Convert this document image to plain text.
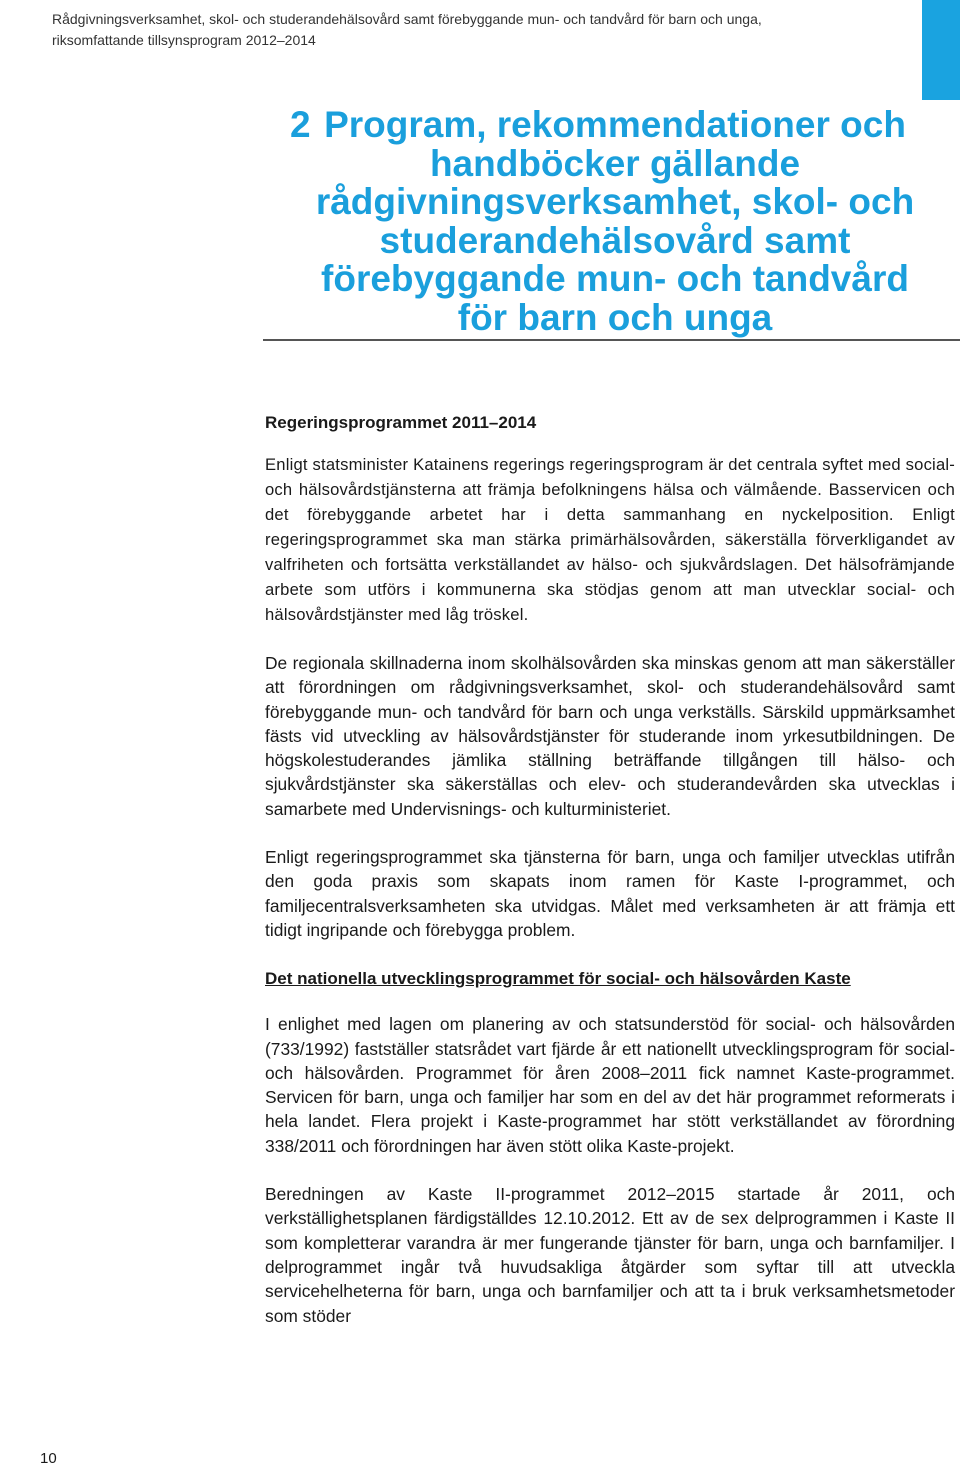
Rådgivningsverksamhet, skol- och studerandehälsovård samt förebyggande mun- och tandvård för barn och unga,
riksomfattande tillsynsprogram 2012–2014
2 Program, rekommendationer och
handböcker gällande
rådgivningsverksamhet, skol- och
studerandehälsovård samt
förebyggande mun- och tandvård
för barn och unga
Regeringsprogrammet 2011–2014

Enligt statsminister Katainens regerings regeringsprogram är det centrala syftet med social- och hälsovårdstjänsterna att främja befolkningens hälsa och välmående. Basservicen och det förebyggande arbetet har i detta sammanhang en nyckelposition. Enligt regeringsprogrammet ska man stärka primärhälsovården, säkerställa förverkligandet av valfriheten och fortsätta verkställandet av hälso- och sjukvårdslagen. Det hälsofrämjande arbete som utförs i kommunerna ska stödjas genom att man utvecklar social- och hälsovårdstjänster med låg tröskel.

De regionala skillnaderna inom skolhälsovården ska minskas genom att man säkerställer att förordningen om rådgivningsverksamhet, skol- och studerandehälsovård samt förebyggande mun- och tandvård för barn och unga verkställs. Särskild uppmärksamhet fästs vid utveckling av hälsovårdstjänster för studerande inom yrkesutbildningen. De högskolestuderandes jämlika ställning beträffande tillgången till hälso- och sjukvårdstjänster ska säkerställas och elev- och studerandevården ska utvecklas i samarbete med Undervisnings- och kulturministeriet.

Enligt regeringsprogrammet ska tjänsterna för barn, unga och familjer utvecklas utifrån den goda praxis som skapats inom ramen för Kaste I-programmet, och familjecentralsverksamheten ska utvidgas. Målet med verksamheten är att främja ett tidigt ingripande och förebygga problem.

Det nationella utvecklingsprogrammet för social- och hälsovården Kaste

I enlighet med lagen om planering av och statsunderstöd för social- och hälsovården (733/1992) fastställer statsrådet vart fjärde år ett nationellt utvecklingsprogram för social- och hälsovården. Programmet för åren 2008–2011 fick namnet Kaste-programmet. Servicen för barn, unga och familjer har som en del av det här programmet reformerats i hela landet. Flera projekt i Kaste-programmet har stött verkställandet av förordning 338/2011 och förordningen har även stött olika Kaste-projekt.

Beredningen av Kaste II-programmet 2012–2015 startade år 2011, och verkställighetsplanen färdigställdes 12.10.2012. Ett av de sex delprogrammen i Kaste II som kompletterar varandra är mer fungerande tjänster för barn, unga och barnfamiljer. I delprogrammet ingår två huvudsakliga åtgärder som syftar till att utveckla servicehelheterna för barn, unga och barnfamiljer och att ta i bruk verksamhetsmetoder som stöder

10
